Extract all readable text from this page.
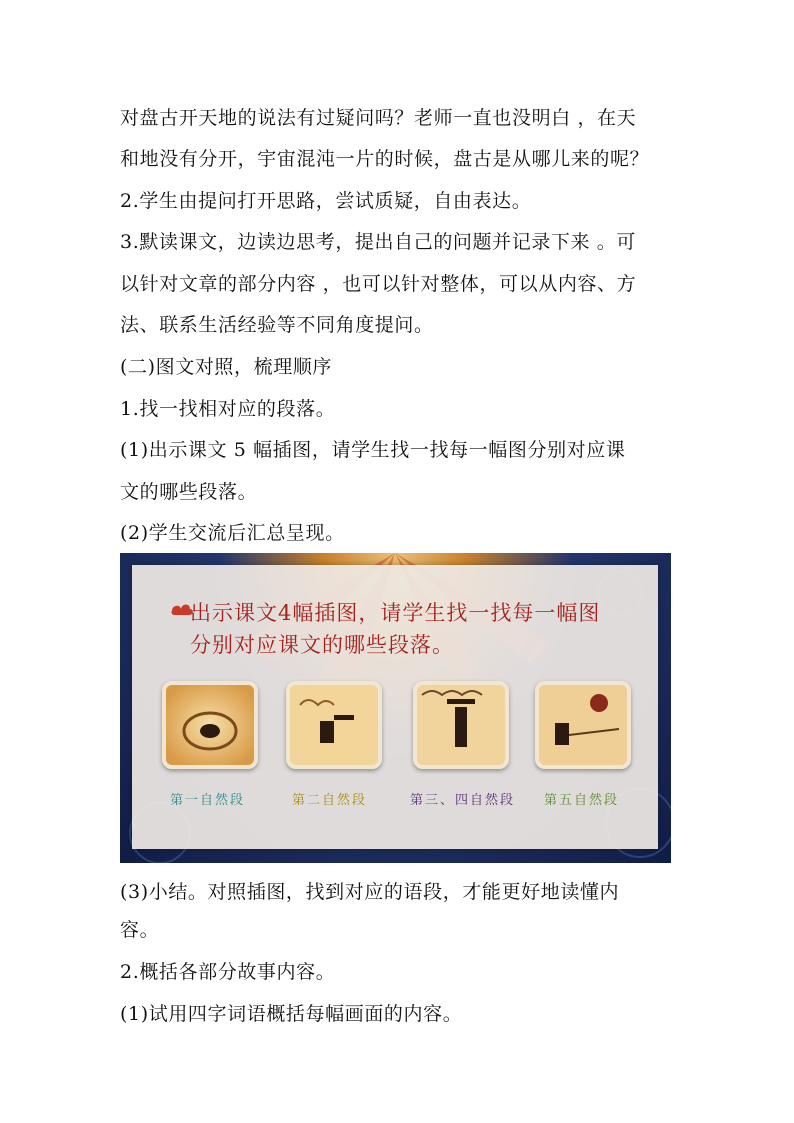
对盘古开天地的说法有过疑问吗？老师一直也没明白 ，在天
和地没有分开，宇宙混沌一片的时候，盘古是从哪儿来的呢？
2.学生由提问打开思路，尝试质疑，自由表达。
3.默读课文，边读边思考，提出自己的问题并记录下来 。可
以针对文章的部分内容 ，也可以针对整体，可以从内容、方
法、联系生活经验等不同角度提问。
(二)图文对照，梳理顺序
1.找一找相对应的段落。
(1)出示课文 5 幅插图，请学生找一找每一幅图分别对应课
文的哪些段落。
(2)学生交流后汇总呈现。
出示课文4幅插图，请学生找一找每一幅图
分别对应课文的哪些段落。
第一自然段	第二自然段	第三、四自然段 第五自然段
(3)小结。对照插图，找到对应的语段，才能更好地读懂内
容。
2.概括各部分故事内容。
(1)试用四字词语概括每幅画面的内容。
